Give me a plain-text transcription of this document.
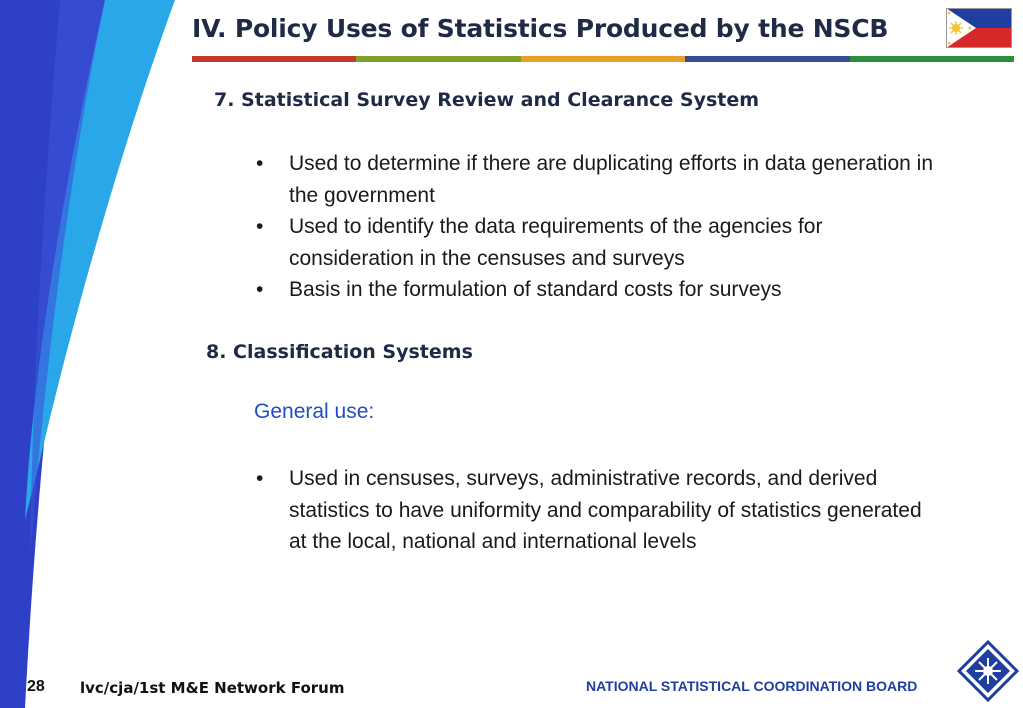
IV. Policy Uses of Statistics Produced by the NSCB
7. Statistical Survey Review and Clearance System
• Used to determine if there are duplicating efforts in data generation in the government
• Used to identify the data requirements of the agencies for consideration in the censuses and surveys
• Basis in the formulation of standard costs for surveys
8. Classification Systems
General use:
• Used in censuses, surveys, administrative records, and derived statistics to have uniformity and comparability of statistics generated at the local, national and international levels
28 lvc/cja/1st M&E Network Forum	NATIONAL STATISTICAL COORDINATION BOARD
